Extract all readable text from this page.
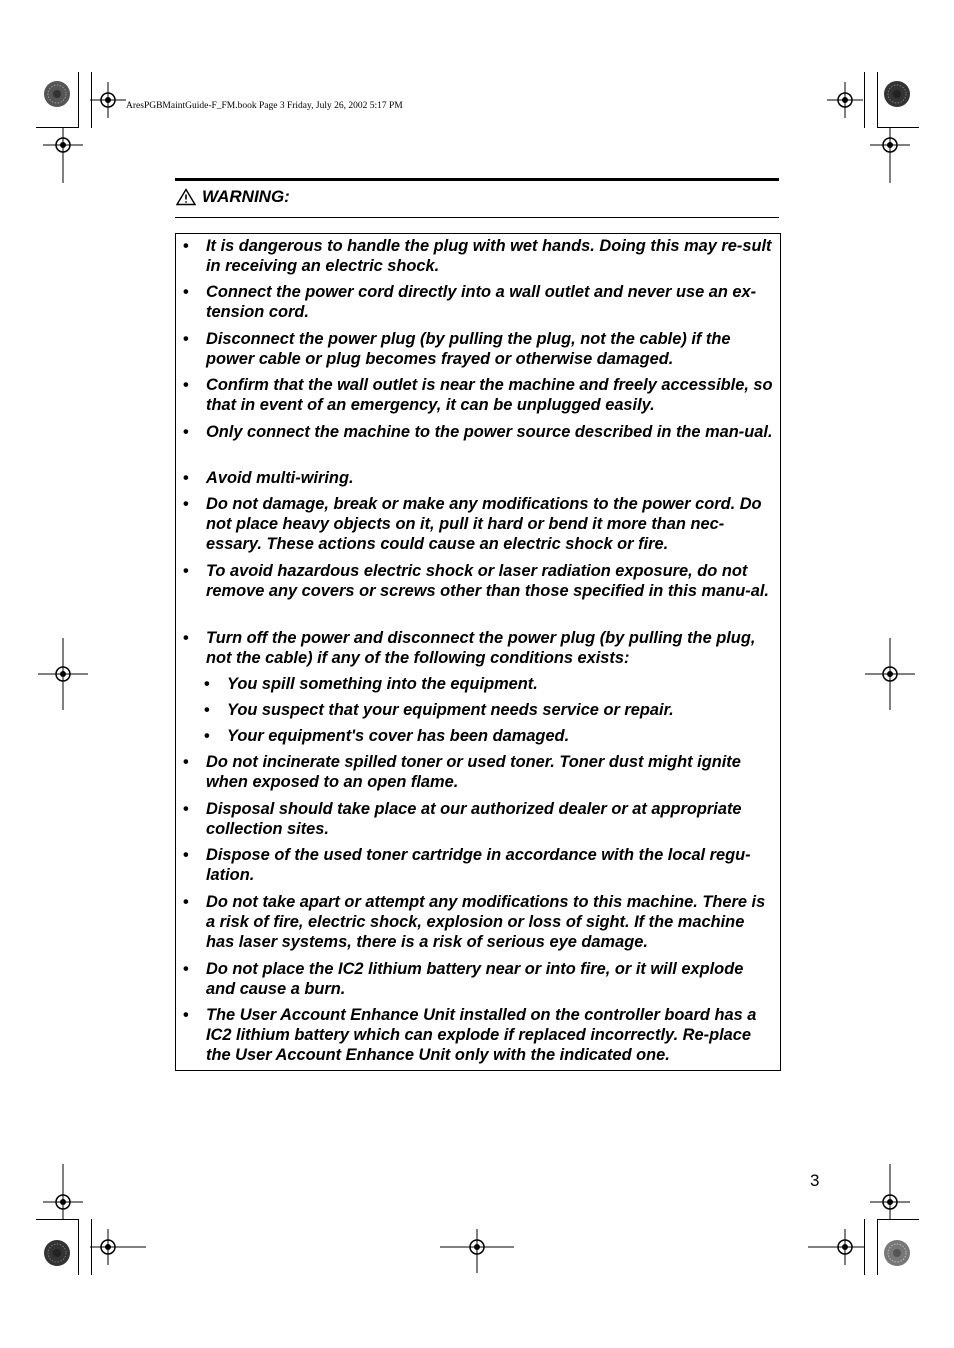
AresPGBMaintGuide-F_FM.book Page 3 Friday, July 26, 2002 5:17 PM
WARNING:
• It is dangerous to handle the plug with wet hands. Doing this may re-sult in receiving an electric shock.
• Connect the power cord directly into a wall outlet and never use an ex-tension cord.
• Disconnect the power plug (by pulling the plug, not the cable) if the power cable or plug becomes frayed or otherwise damaged.
• Confirm that the wall outlet is near the machine and freely accessible, so that in event of an emergency, it can be unplugged easily.
• Only connect the machine to the power source described in the man-ual.
• Avoid multi-wiring.
• Do not damage, break or make any modifications to the power cord. Do not place heavy objects on it, pull it hard or bend it more than nec-essary. These actions could cause an electric shock or fire.
• To avoid hazardous electric shock or laser radiation exposure, do not remove any covers or screws other than those specified in this manu-al.
• Turn off the power and disconnect the power plug (by pulling the plug, not the cable) if any of the following conditions exists:
• You spill something into the equipment.
• You suspect that your equipment needs service or repair.
• Your equipment's cover has been damaged.
• Do not incinerate spilled toner or used toner. Toner dust might ignite when exposed to an open flame.
• Disposal should take place at our authorized dealer or at appropriate collection sites.
• Dispose of the used toner cartridge in accordance with the local regu-lation.
• Do not take apart or attempt any modifications to this machine. There is a risk of fire, electric shock, explosion or loss of sight. If the machine has laser systems, there is a risk of serious eye damage.
• Do not place the IC2 lithium battery near or into fire, or it will explode and cause a burn.
• The User Account Enhance Unit installed on the controller board has a IC2 lithium battery which can explode if replaced incorrectly. Re-place the User Account Enhance Unit only with the indicated one.
3
